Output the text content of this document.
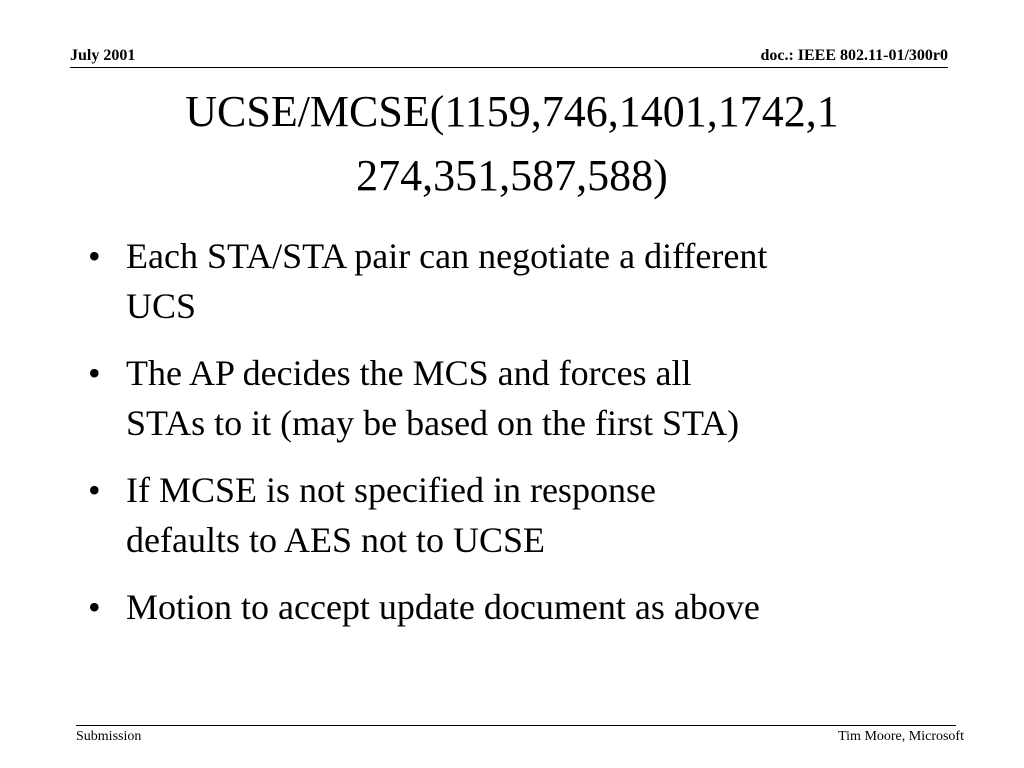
July 2001	doc.: IEEE 802.11-01/300r0
UCSE/MCSE(1159,746,1401,1742,1
274,351,587,588)
• Each STA/STA pair can negotiate a different
UCS
• The AP decides the MCS and forces all
STAs to it (may be based on the first STA)
• If MCSE is not specified in response
defaults to AES not to UCSE
• Motion to accept update document as above
Submission	Tim Moore, Microsoft
